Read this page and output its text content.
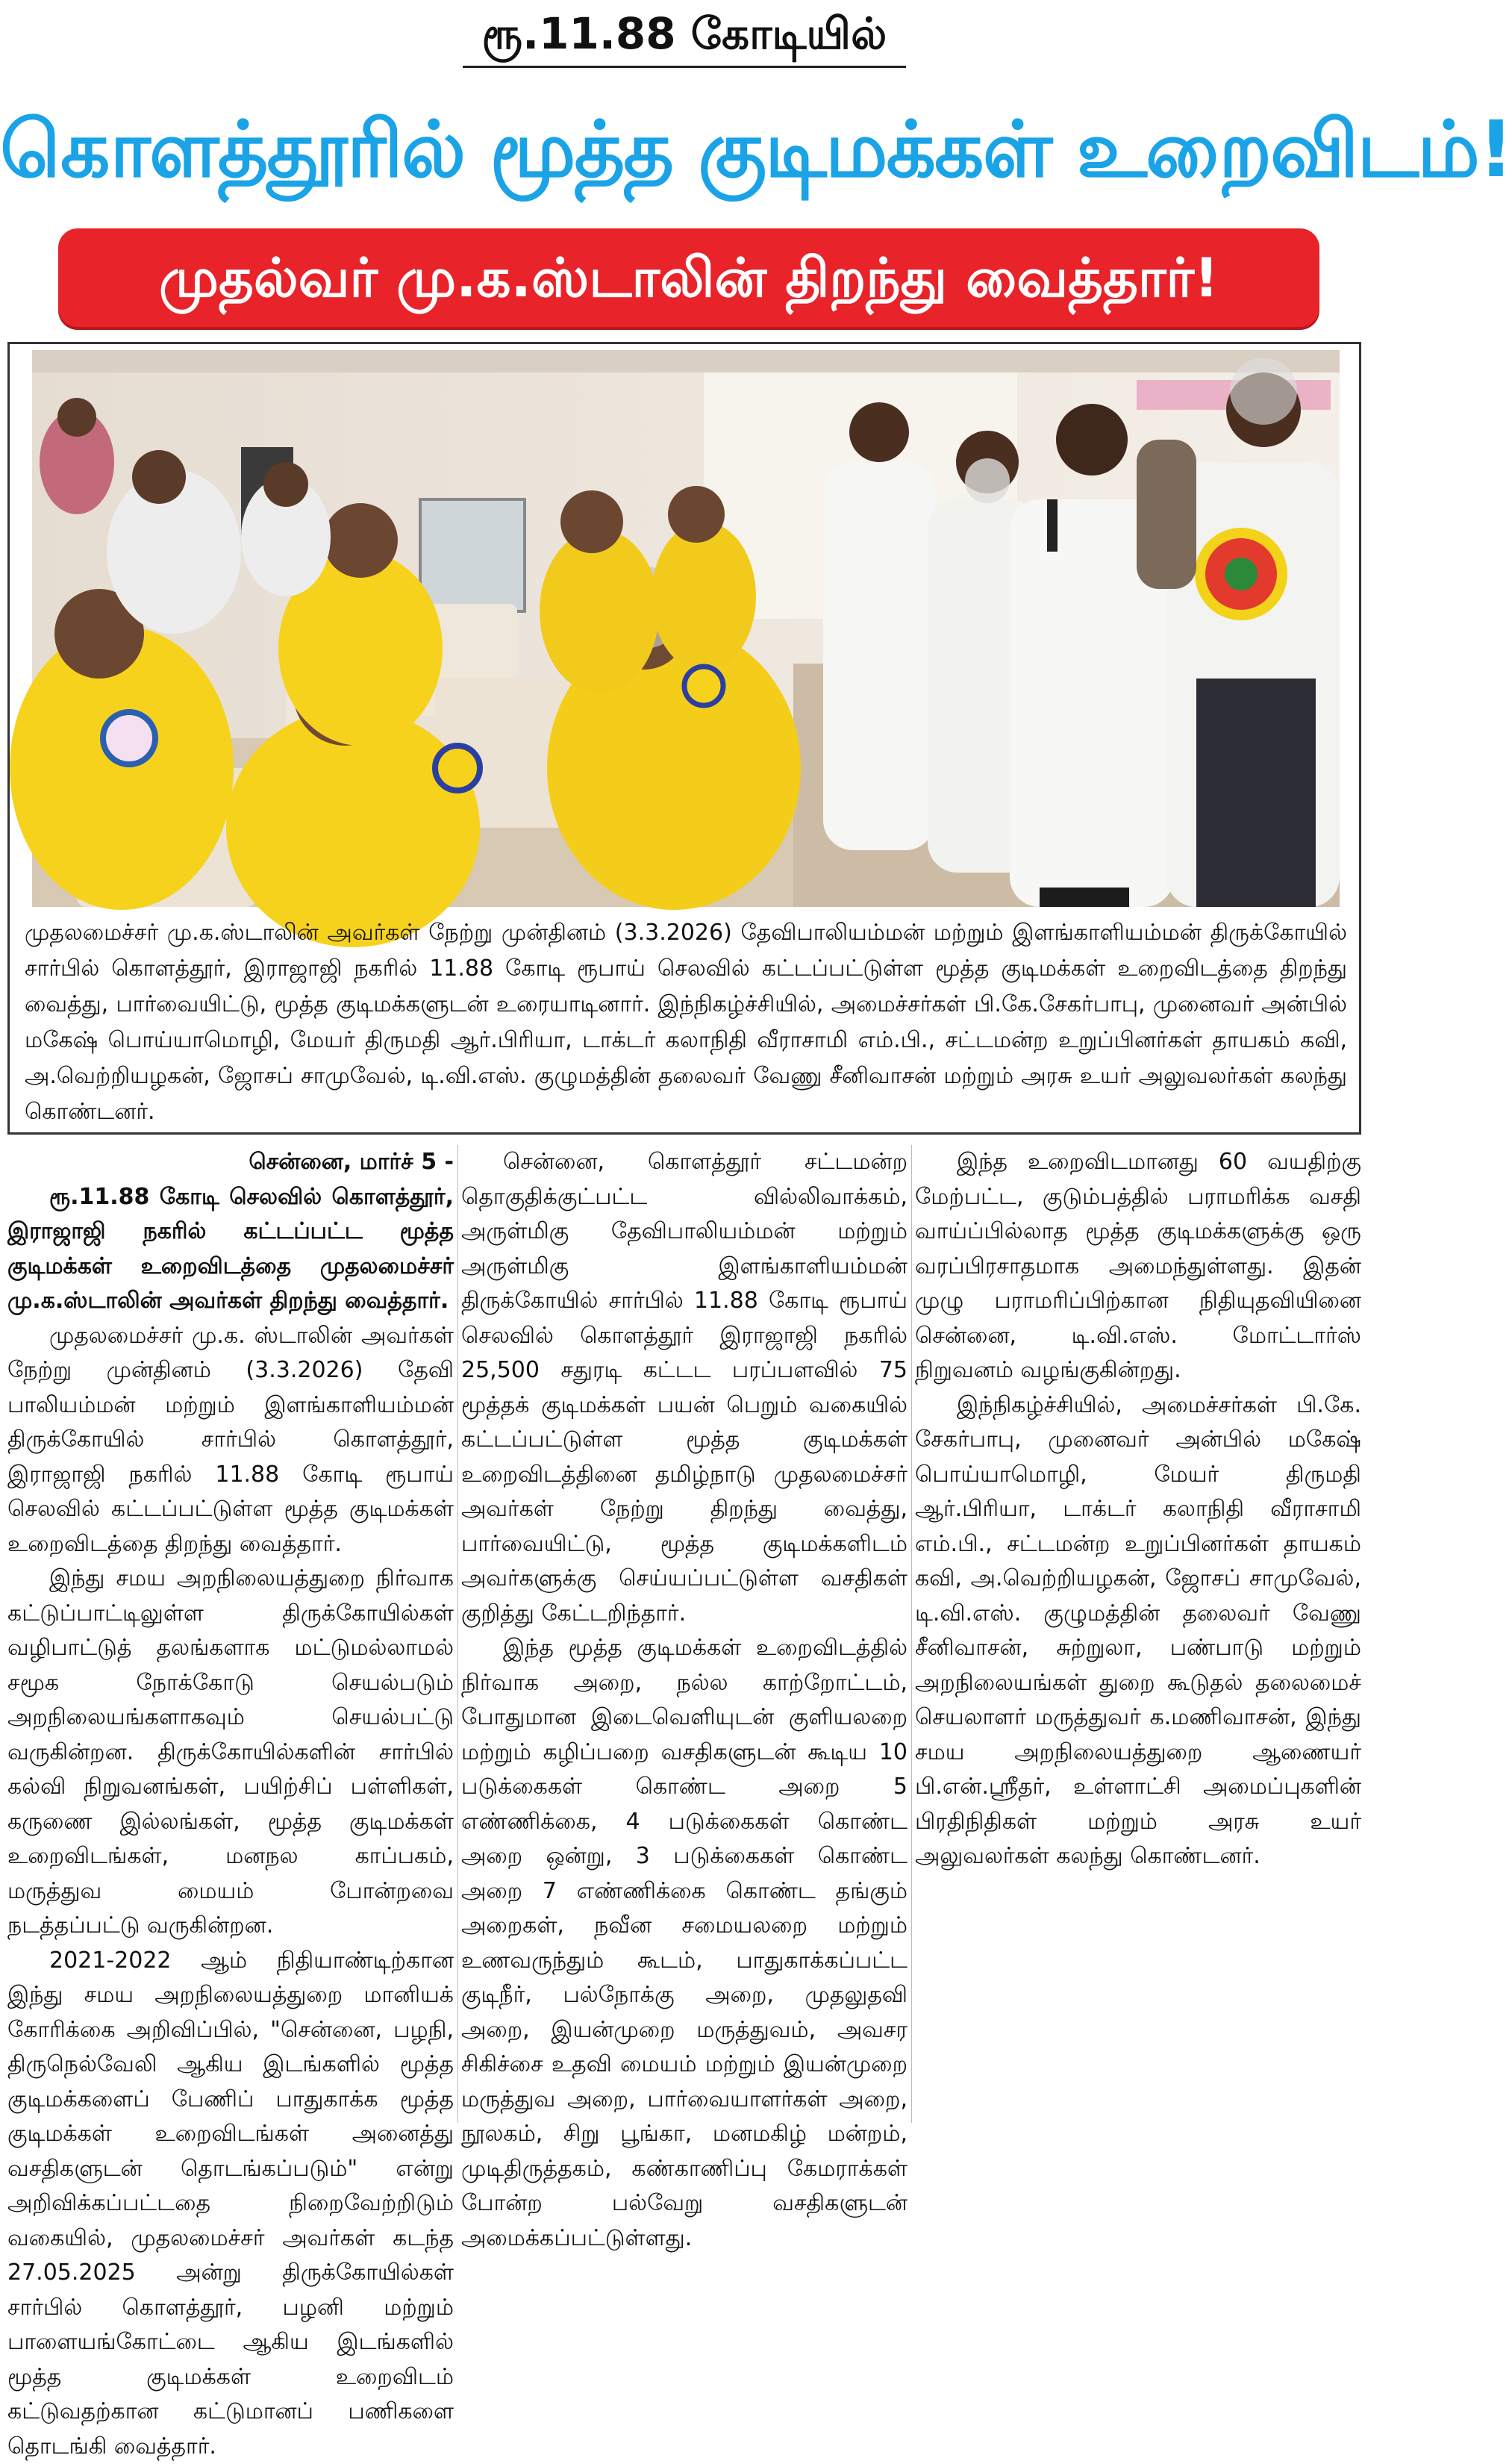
ரூ.11.88 கோடியில்
கொளத்தூரில் மூத்த குடிமக்கள் உறைவிடம்!
முதல்வர் மு.க.ஸ்டாலின் திறந்து வைத்தார்!

முதலமைச்சர் மு.க.ஸ்டாலின் அவர்கள் நேற்று முன்தினம் (3.3.2026) தேவிபாலியம்மன் மற்றும் இளங்காளியம்மன் திருக்கோயில் சார்பில் கொளத்தூர், இராஜாஜி நகரில் 11.88 கோடி ரூபாய் செலவில் கட்டப்பட்டுள்ள மூத்த குடிமக்கள் உறைவிடத்தை திறந்து வைத்து, பார்வையிட்டு, மூத்த குடிமக்களுடன் உரையாடினார். இந்நிகழ்ச்சியில், அமைச்சர்கள் பி.கே.சேகர்பாபு, முனைவர் அன்பில் மகேஷ் பொய்யாமொழி, மேயர் திருமதி ஆர்.பிரியா, டாக்டர் கலாநிதி வீராசாமி எம்.பி., சட்டமன்ற உறுப்பினர்கள் தாயகம் கவி, அ.வெற்றியழகன், ஜோசப் சாமுவேல், டி.வி.எஸ். குழுமத்தின் தலைவர் வேணு சீனிவாசன் மற்றும் அரசு உயர் அலுவலர்கள் கலந்து கொண்டனர்.

சென்னை, மார்ச் 5 -

ரூ.11.88 கோடி செலவில் கொளத்தூர், இராஜாஜி நகரில் கட்டப்பட்ட மூத்த குடிமக்கள் உறைவிடத்தை முதலமைச்சர் மு.க.ஸ்டாலின் அவர்கள் திறந்து வைத்தார்.

முதலமைச்சர் மு.க. ஸ்டாலின் அவர்கள் நேற்று முன்தினம் (3.3.2026) தேவி பாலியம்மன் மற்றும் இளங்காளியம்மன் திருக்கோயில் சார்பில் கொளத்தூர், இராஜாஜி நகரில் 11.88 கோடி ரூபாய் செலவில் கட்டப்பட்டுள்ள மூத்த குடிமக்கள் உறைவிடத்தை திறந்து வைத்தார்.

இந்து சமய அறநிலையத்துறை நிர்வாக கட்டுப்பாட்டிலுள்ள திருக்கோயில்கள் வழிபாட்டுத் தலங்களாக மட்டுமல்லாமல் சமூக நோக்கோடு செயல்படும் அறநிலையங்களாகவும் செயல்பட்டு வருகின்றன. திருக்கோயில்களின் சார்பில் கல்வி நிறுவனங்கள், பயிற்சிப் பள்ளிகள், கருணை இல்லங்கள், மூத்த குடிமக்கள் உறைவிடங்கள், மனநல காப்பகம், மருத்துவ மையம் போன்றவை நடத்தப்பட்டு வருகின்றன.

2021-2022 ஆம் நிதியாண்டிற்கான இந்து சமய அறநிலையத்துறை மானியக் கோரிக்கை அறிவிப்பில், "சென்னை, பழநி, திருநெல்வேலி ஆகிய இடங்களில் மூத்த குடிமக்களைப் பேணிப் பாதுகாக்க மூத்த குடிமக்கள் உறைவிடங்கள் அனைத்து வசதிகளுடன் தொடங்கப்படும்" என்று அறிவிக்கப்பட்டதை நிறைவேற்றிடும் வகையில், முதலமைச்சர் அவர்கள் கடந்த 27.05.2025 அன்று திருக்கோயில்கள் சார்பில் கொளத்தூர், பழனி மற்றும் பாளையங்கோட்டை ஆகிய இடங்களில் மூத்த குடிமக்கள் உறைவிடம் கட்டுவதற்கான கட்டுமானப் பணிகளை தொடங்கி வைத்தார்.

சென்னை, கொளத்தூர் சட்டமன்ற தொகுதிக்குட்பட்ட வில்லிவாக்கம், அருள்மிகு தேவிபாலியம்மன் மற்றும் அருள்மிகு இளங்காளியம்மன் திருக்கோயில் சார்பில் 11.88 கோடி ரூபாய் செலவில் கொளத்தூர் இராஜாஜி நகரில் 25,500 சதுரடி கட்டட பரப்பளவில் 75 மூத்தக் குடிமக்கள் பயன் பெறும் வகையில் கட்டப்பட்டுள்ள மூத்த குடிமக்கள் உறைவிடத்தினை தமிழ்நாடு முதலமைச்சர் அவர்கள் நேற்று திறந்து வைத்து, பார்வையிட்டு, மூத்த குடிமக்களிடம் அவர்களுக்கு செய்யப்பட்டுள்ள வசதிகள் குறித்து கேட்டறிந்தார்.

இந்த மூத்த குடிமக்கள் உறைவிடத்தில் நிர்வாக அறை, நல்ல காற்றோட்டம், போதுமான இடைவெளியுடன் குளியலறை மற்றும் கழிப்பறை வசதிகளுடன் கூடிய 10 படுக்கைகள் கொண்ட அறை 5 எண்ணிக்கை, 4 படுக்கைகள் கொண்ட அறை ஒன்று, 3 படுக்கைகள் கொண்ட அறை 7 எண்ணிக்கை கொண்ட தங்கும் அறைகள், நவீன சமையலறை மற்றும் உணவருந்தும் கூடம், பாதுகாக்கப்பட்ட குடிநீர், பல்நோக்கு அறை, முதலுதவி அறை, இயன்முறை மருத்துவம், அவசர சிகிச்சை உதவி மையம் மற்றும் இயன்முறை மருத்துவ அறை, பார்வையாளர்கள் அறை, நூலகம், சிறு பூங்கா, மனமகிழ் மன்றம், முடிதிருத்தகம், கண்காணிப்பு கேமராக்கள் போன்ற பல்வேறு வசதிகளுடன் அமைக்கப்பட்டுள்ளது.

இந்த உறைவிடமானது 60 வயதிற்கு மேற்பட்ட, குடும்பத்தில் பராமரிக்க வசதி வாய்ப்பில்லாத மூத்த குடிமக்களுக்கு ஒரு வரப்பிரசாதமாக அமைந்துள்ளது. இதன் முழு பராமரிப்பிற்கான நிதியுதவியினை சென்னை, டி.வி.எஸ். மோட்டார்ஸ் நிறுவனம் வழங்குகின்றது.

இந்நிகழ்ச்சியில், அமைச்சர்கள் பி.கே. சேகர்பாபு, முனைவர் அன்பில் மகேஷ் பொய்யாமொழி, மேயர் திருமதி ஆர்.பிரியா, டாக்டர் கலாநிதி வீராசாமி எம்.பி., சட்டமன்ற உறுப்பினர்கள் தாயகம் கவி, அ.வெற்றியழகன், ஜோசப் சாமுவேல், டி.வி.எஸ். குழுமத்தின் தலைவர் வேணு சீனிவாசன், சுற்றுலா, பண்பாடு மற்றும் அறநிலையங்கள் துறை கூடுதல் தலைமைச் செயலாளர் மருத்துவர் க.மணிவாசன், இந்து சமய அறநிலையத்துறை ஆணையர் பி.என்.ஸ்ரீதர், உள்ளாட்சி அமைப்புகளின் பிரதிநிதிகள் மற்றும் அரசு உயர் அலுவலர்கள் கலந்து கொண்டனர்.
